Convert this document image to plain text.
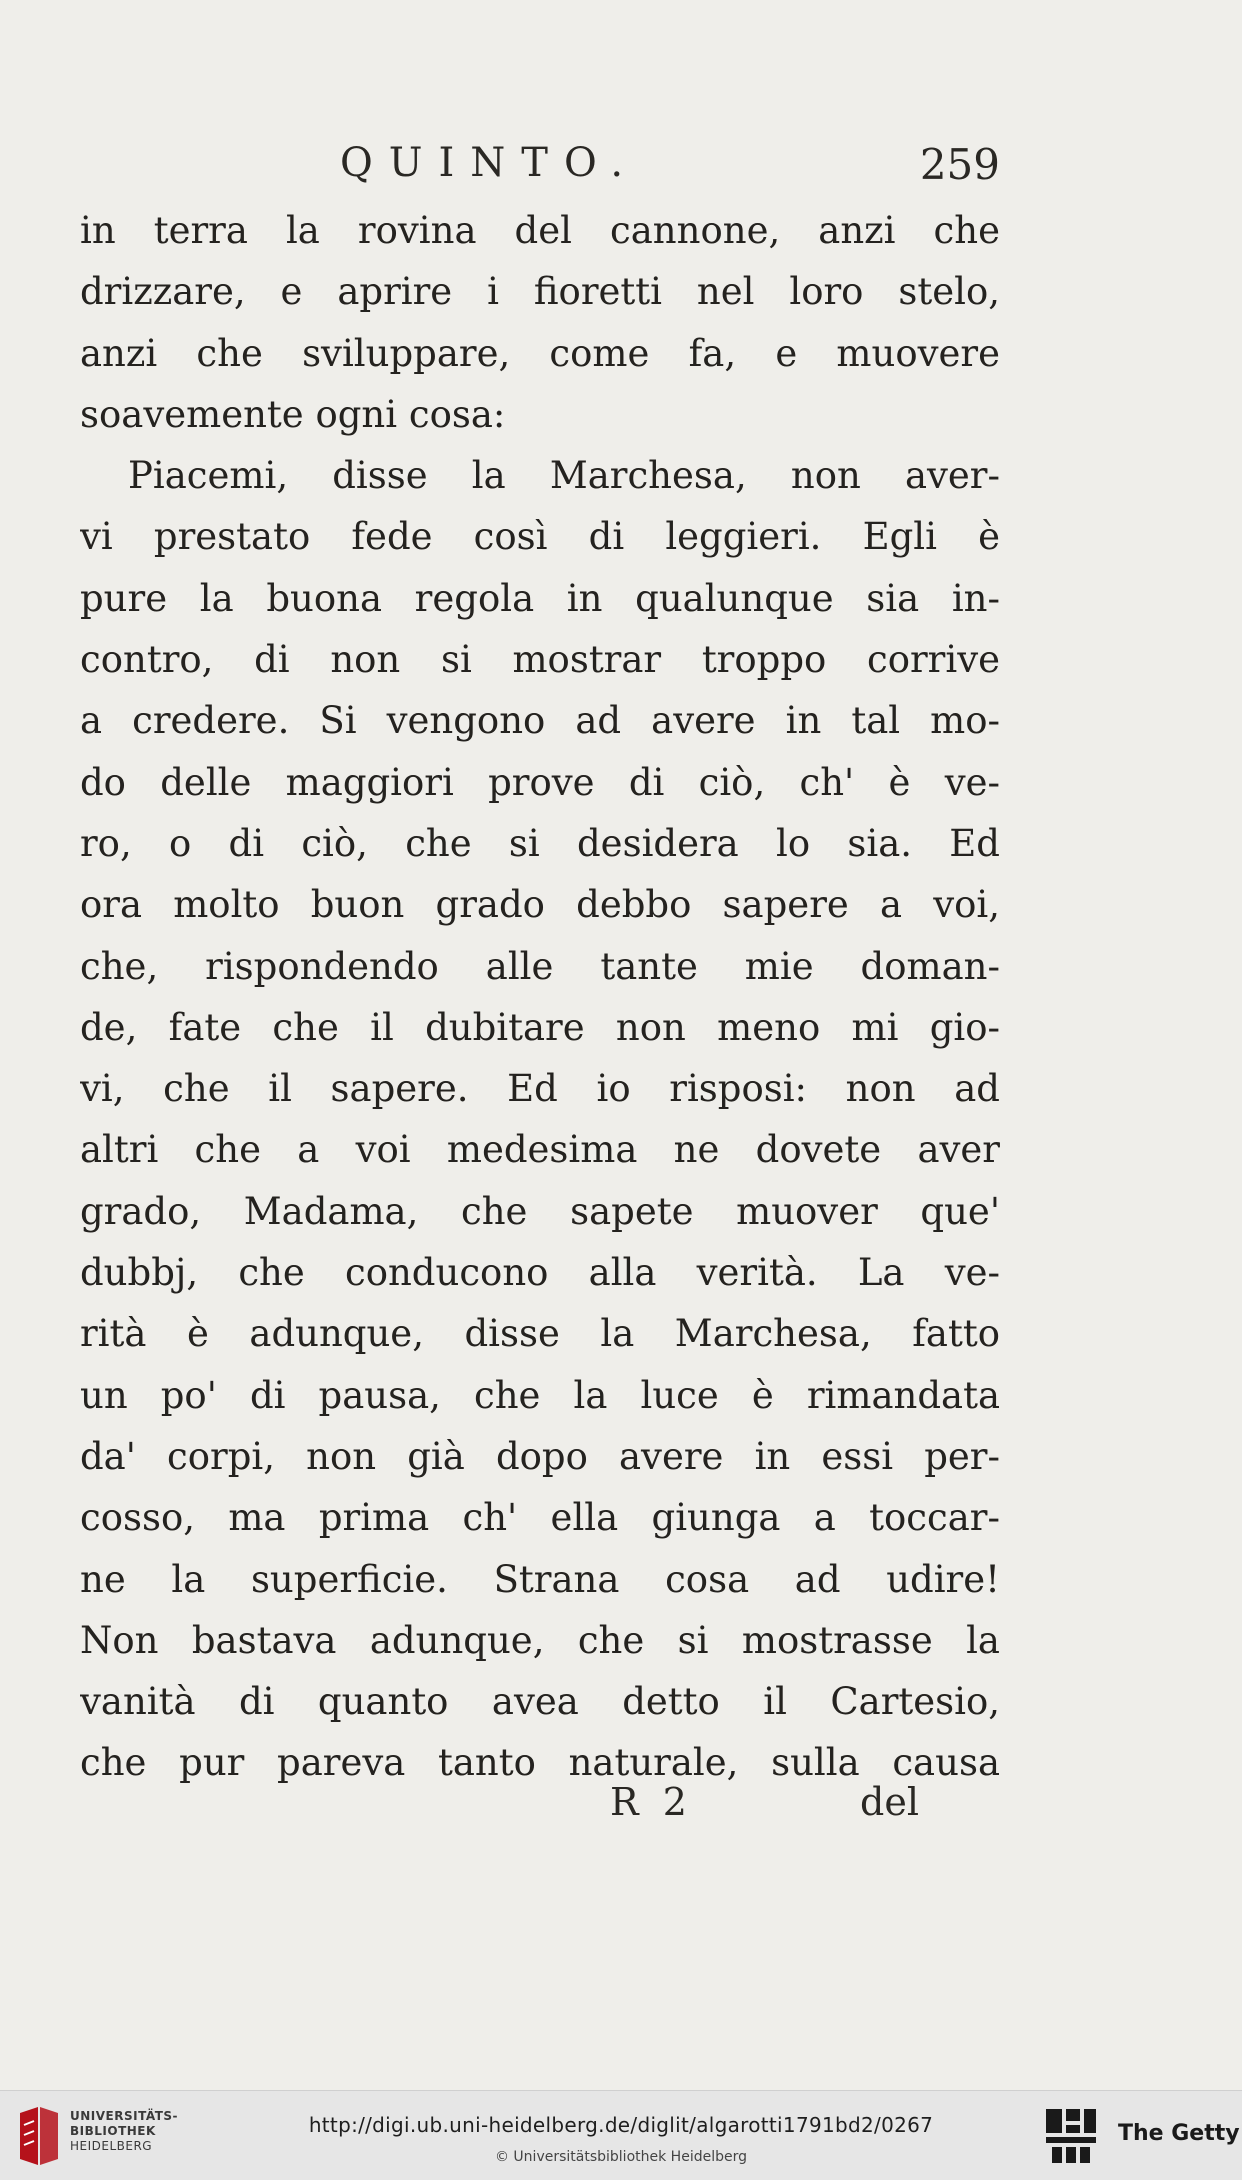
QUINTO.	259
in terra la rovina del cannone, anzi che
drizzare, e aprire i fioretti nel loro stelo,
anzi che sviluppare, come fa, e muovere
soavemente ogni cosa:
Piacemi, disse la Marchesa, non aver-
vi prestato fede così di leggieri. Egli è
pure la buona regola in qualunque sia in-
contro, di non si mostrar troppo corrive
a credere. Si vengono ad avere in tal mo-
do delle maggiori prove di ciò, ch' è ve-
ro, o di ciò, che si desidera lo sia. Ed
ora molto buon grado debbo sapere a voi,
che, rispondendo alle tante mie doman-
de, fate che il dubitare non meno mi gio-
vi, che il sapere. Ed io risposi: non ad
altri che a voi medesima ne dovete aver
grado, Madama, che sapete muover que'
dubbj, che conducono alla verità. La ve-
rità è adunque, disse la Marchesa, fatto
un po' di pausa, che la luce è rimandata
da' corpi, non già dopo avere in essi per-
cosso, ma prima ch' ella giunga a toccar-
ne la superficie. Strana cosa ad udire!
Non bastava adunque, che si mostrasse la
vanità di quanto avea detto il Cartesio,
che pur pareva tanto naturale, sulla causa
R 2	del
UNIVERSITÄTS-
BIBLIOTHEK
HEIDELBERG
http://digi.ub.uni-heidelberg.de/diglit/algarotti1791bd2/0267
© Universitätsbibliothek Heidelberg
The Getty
